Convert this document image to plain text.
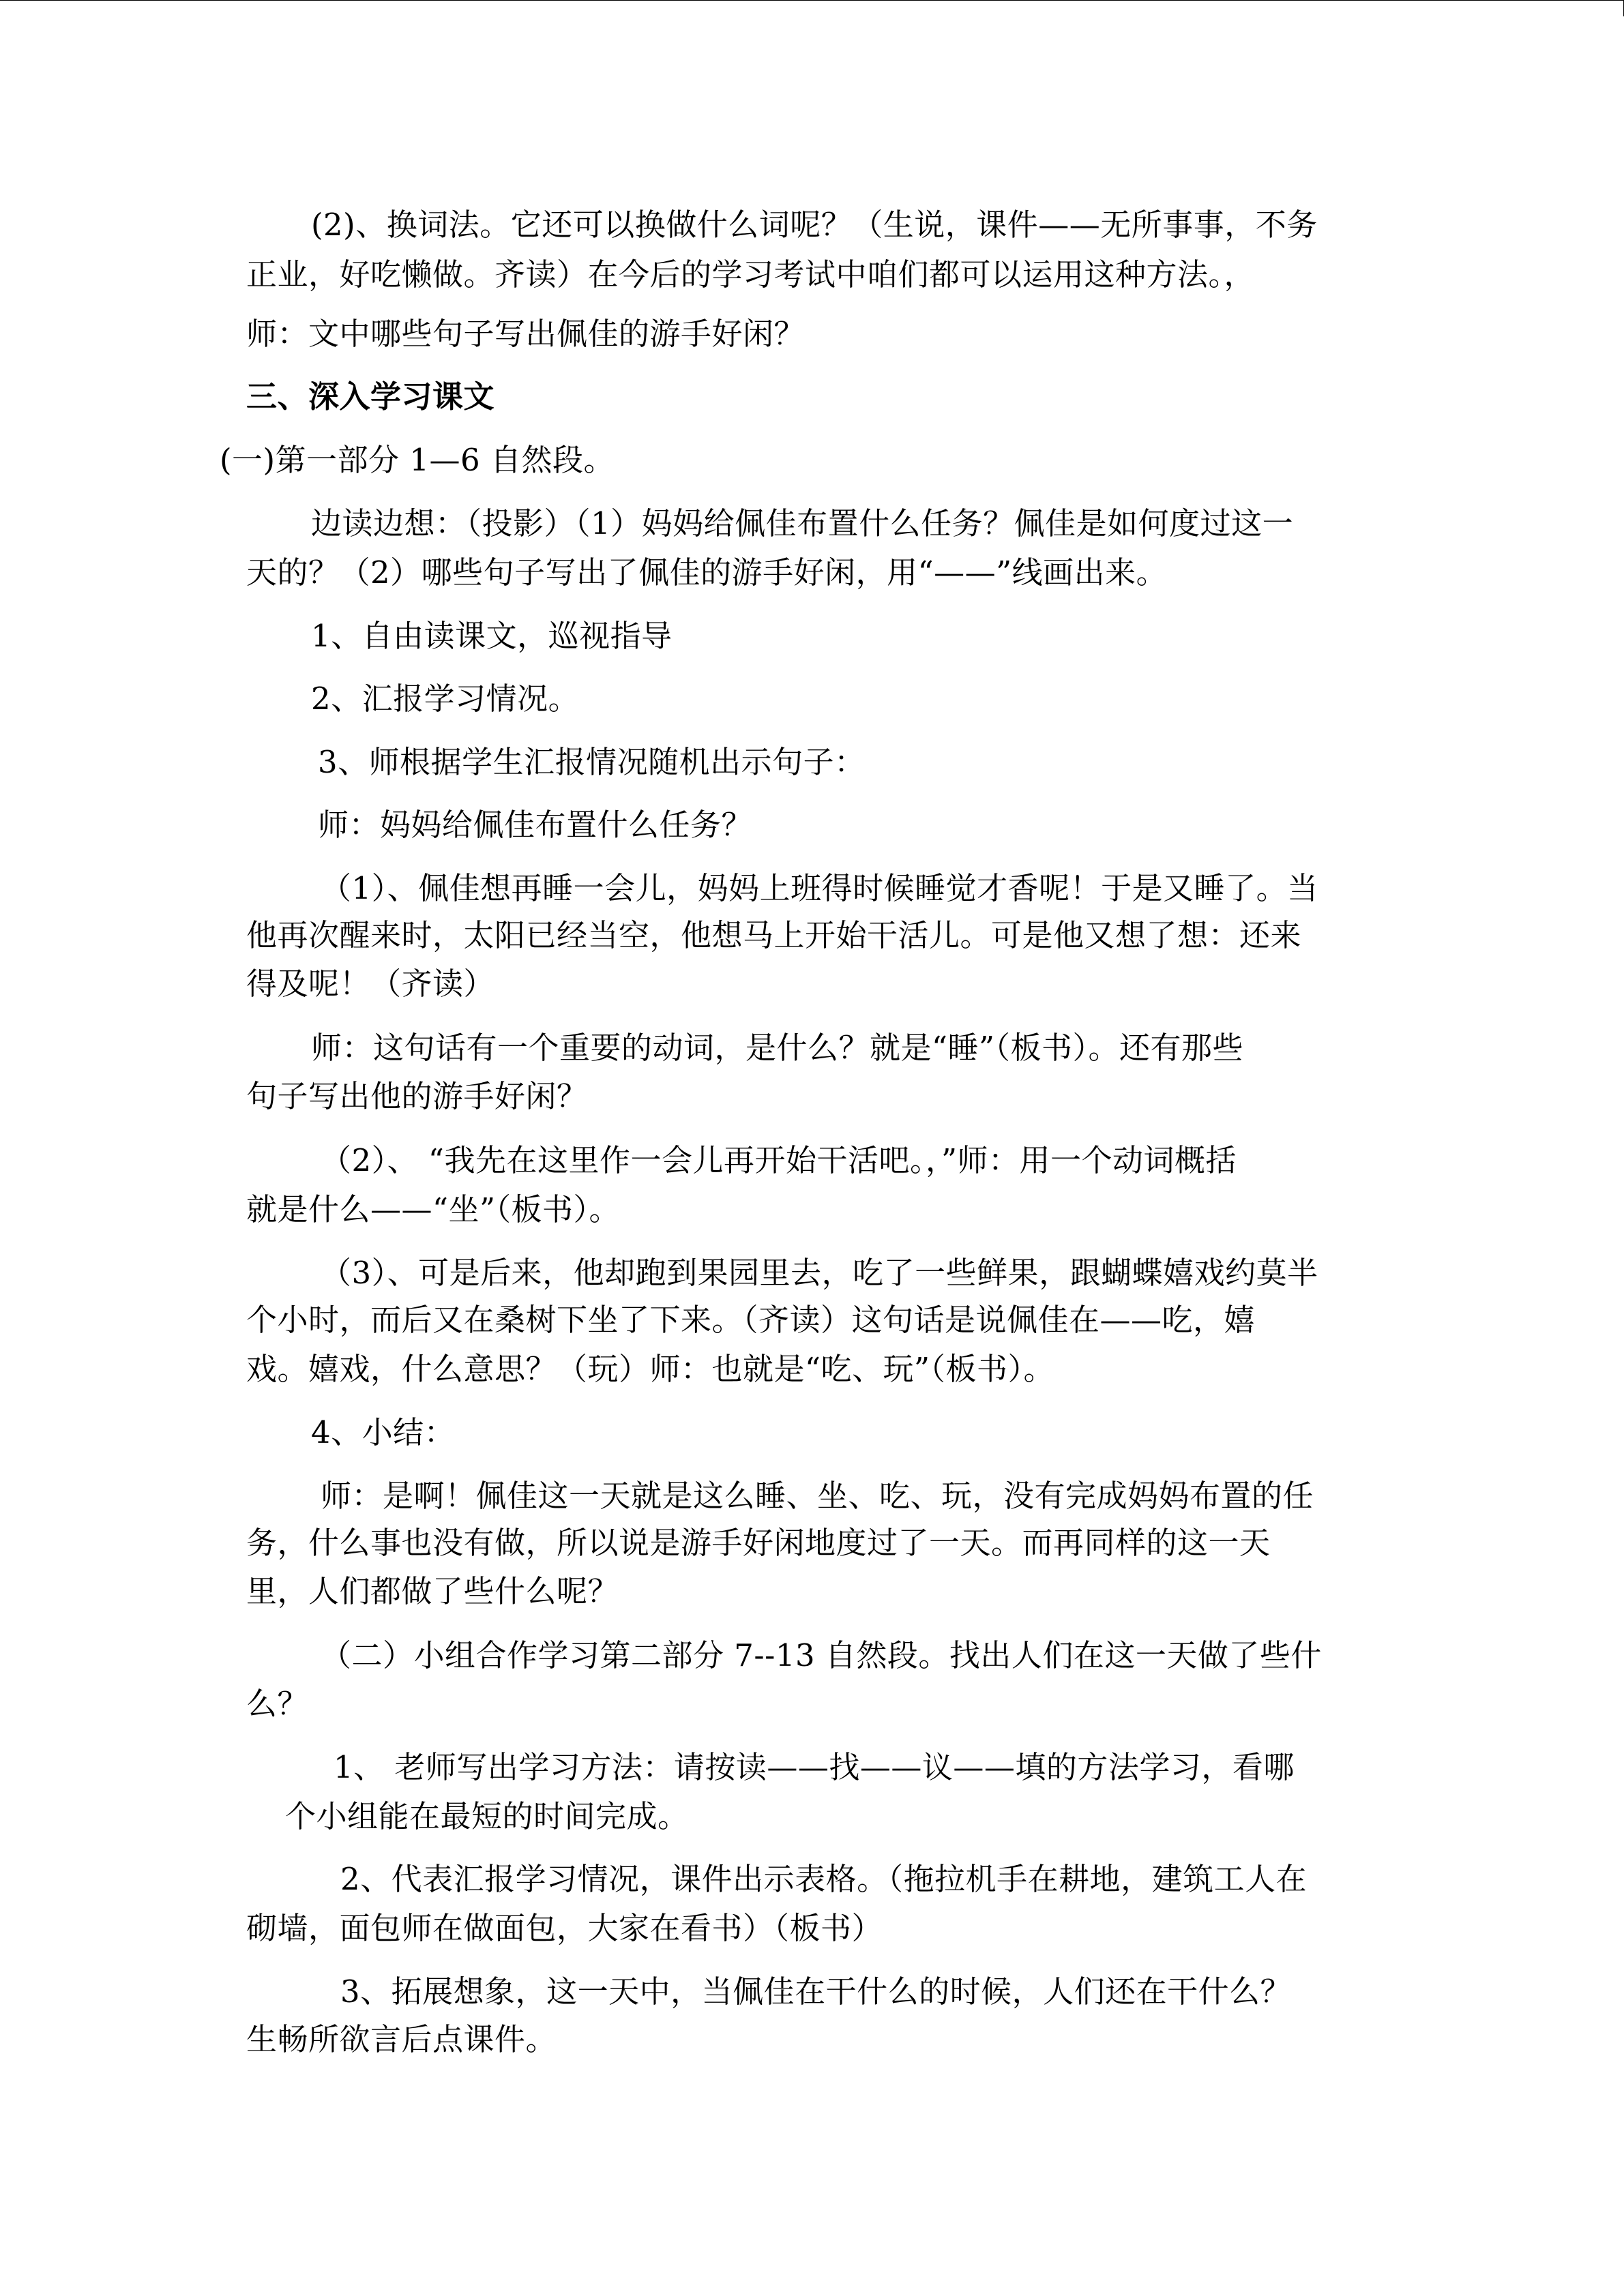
(2)、换词法。它还可以换做什么词呢？（生说，课件——无所事事，不务
正业，好吃懒做。齐读）在今后的学习考试中咱们都可以运用这种方法。，
师：文中哪些句子写出佩佳的游手好闲？
三、深入学习课文
(一)第一部分 1—6 自然段。
边读边想：（投影）（1）妈妈给佩佳布置什么任务？佩佳是如何度过这一
天的？（2）哪些句子写出了佩佳的游手好闲，用“——”线画出来。
1、自由读课文，巡视指导
2、汇报学习情况。
3、师根据学生汇报情况随机出示句子：
师：妈妈给佩佳布置什么任务？
（1）、佩佳想再睡一会儿，妈妈上班得时候睡觉才香呢！于是又睡了。当
他再次醒来时，太阳已经当空，他想马上开始干活儿。可是他又想了想：还来
得及呢！（齐读）
师：这句话有一个重要的动词，是什么？就是“睡”（板书）。还有那些
句子写出他的游手好闲？
（2）、 “我先在这里作一会儿再开始干活吧。，”师：用一个动词概括
就是什么——“坐”（板书）。
（3）、可是后来，他却跑到果园里去，吃了一些鲜果，跟蝴蝶嬉戏约莫半
个小时，而后又在桑树下坐了下来。（齐读）这句话是说佩佳在——吃，嬉
戏。嬉戏，什么意思？（玩）师：也就是“吃、玩”（板书）。
4、小结：
师：是啊！佩佳这一天就是这么睡、坐、吃、玩，没有完成妈妈布置的任
务，什么事也没有做，所以说是游手好闲地度过了一天。而再同样的这一天
里，人们都做了些什么呢？
（二）小组合作学习第二部分 7--13 自然段。找出人们在这一天做了些什
么？
1、 老师写出学习方法：请按读——找——议——填的方法学习，看哪
个小组能在最短的时间完成。
2、代表汇报学习情况，课件出示表格。（拖拉机手在耕地，建筑工人在
砌墙，面包师在做面包，大家在看书）（板书）
3、拓展想象，这一天中，当佩佳在干什么的时候，人们还在干什么？
生畅所欲言后点课件。
